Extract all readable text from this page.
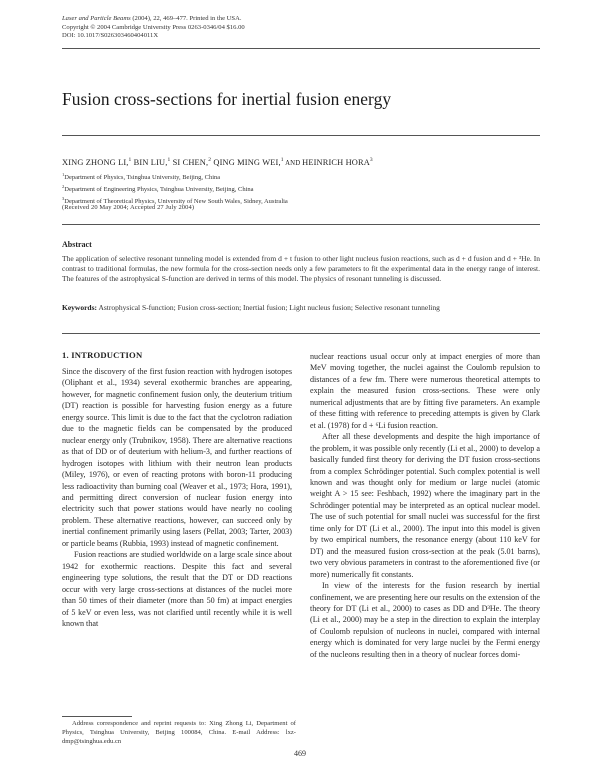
Laser and Particle Beams (2004), 22, 469–477. Printed in the USA.
Copyright © 2004 Cambridge University Press 0263-0346/04 $16.00
DOI: 10.1017/S026303460404011X
Fusion cross-sections for inertial fusion energy
XING ZHONG LI,$^1$ BIN LIU,$^1$ SI CHEN,$^2$ QING MING WEI,$^1$ AND HEINRICH HORA$^3$
$^1$Department of Physics, Tsinghua University, Beijing, China
$^2$Department of Engineering Physics, Tsinghua University, Beijing, China
$^3$Department of Theoretical Physics, University of New South Wales, Sidney, Australia
(Received 20 May 2004; Accepted 27 July 2004)
Abstract
The application of selective resonant tunneling model is extended from d + t fusion to other light nucleus fusion reactions, such as d + d fusion and d + ³He. In contrast to traditional formulas, the new formula for the cross-section needs only a few parameters to fit the experimental data in the energy range of interest. The features of the astrophysical S-function are derived in terms of this model. The physics of resonant tunneling is discussed.
Keywords: Astrophysical S-function; Fusion cross-section; Inertial fusion; Light nucleus fusion; Selective resonant tunneling
1. INTRODUCTION

Since the discovery of the first fusion reaction with hydrogen isotopes (Oliphant et al., 1934) several exothermic branches are appearing, however, for magnetic confinement fusion only, the deuterium tritium (DT) reaction is possible for harvesting fusion energy as a future energy source. This limit is due to the fact that the cyclotron radiation due to the magnetic fields can be compensated by the produced nuclear energy only (Trubnikov, 1958). There are alternative reactions as that of DD or of deuterium with helium-3, and further reactions of hydrogen isotopes with lithium with their neutron lean products (Miley, 1976), or even of reacting protons with boron-11 producing less radioactivity than burning coal (Weaver et al., 1973; Hora, 1991), and permitting direct conversion of nuclear fusion energy into electricity such that power stations would have nearly no cooling problem. These alternative reactions, however, can succeed only by inertial confinement primarily using lasers (Pellat, 2003; Tarter, 2003) or particle beams (Rubbia, 1993) instead of magnetic confinement.

Fusion reactions are studied worldwide on a large scale since about 1942 for exothermic reactions. Despite this fact and several engineering type solutions, the result that the DT or DD reactions occur with very large cross-sections at distances of the nuclei more than 50 times of their diameter (more than 50 fm) at impact energies of 5 keV or even less, was not clarified until recently while it is well known that

nuclear reactions usual occur only at impact energies of more than MeV moving together, the nuclei against the Coulomb repulsion to distances of a few fm. There were numerous theoretical attempts to explain the measured fusion cross-sections. These were only numerical adjustments that are by fitting five parameters. An example of these fitting with reference to preceding attempts is given by Clark et al. (1978) for d + ⁶Li fusion reaction.

After all these developments and despite the high importance of the problem, it was possible only recently (Li et al., 2000) to develop a basically funded first theory for deriving the DT fusion cross-sections from a complex Schrödinger potential. Such complex potential is well known and was thought only for medium or large nuclei (atomic weight A > 15 see: Feshbach, 1992) where the imaginary part in the Schrödinger potential may be interpreted as an optical nuclear model. The use of such potential for small nuclei was successful for the first time only for DT (Li et al., 2000). The input into this model is given by two empirical numbers, the resonance energy (about 110 keV for DT) and the measured fusion cross-section at the peak (5.01 barns), two very obvious parameters in contrast to the aforementioned five (or more) numerically fit constants.

In view of the interests for the fusion research by inertial confinement, we are presenting here our results on the extension of the theory for DT (Li et al., 2000) to cases as DD and D³He. The theory (Li et al., 2000) may be a step in the direction to explain the interplay of Coulomb repulsion of nucleons in nuclei, compared with internal energy which is dominated for very large nuclei by the Fermi energy of the nucleons resulting then in a theory of nuclear forces domi-

Address correspondence and reprint requests to: Xing Zhong Li, Department of Physics, Tsinghua University, Beijing 100084, China. E-mail Address: lxz-dmp@tsinghua.edu.cn
469
